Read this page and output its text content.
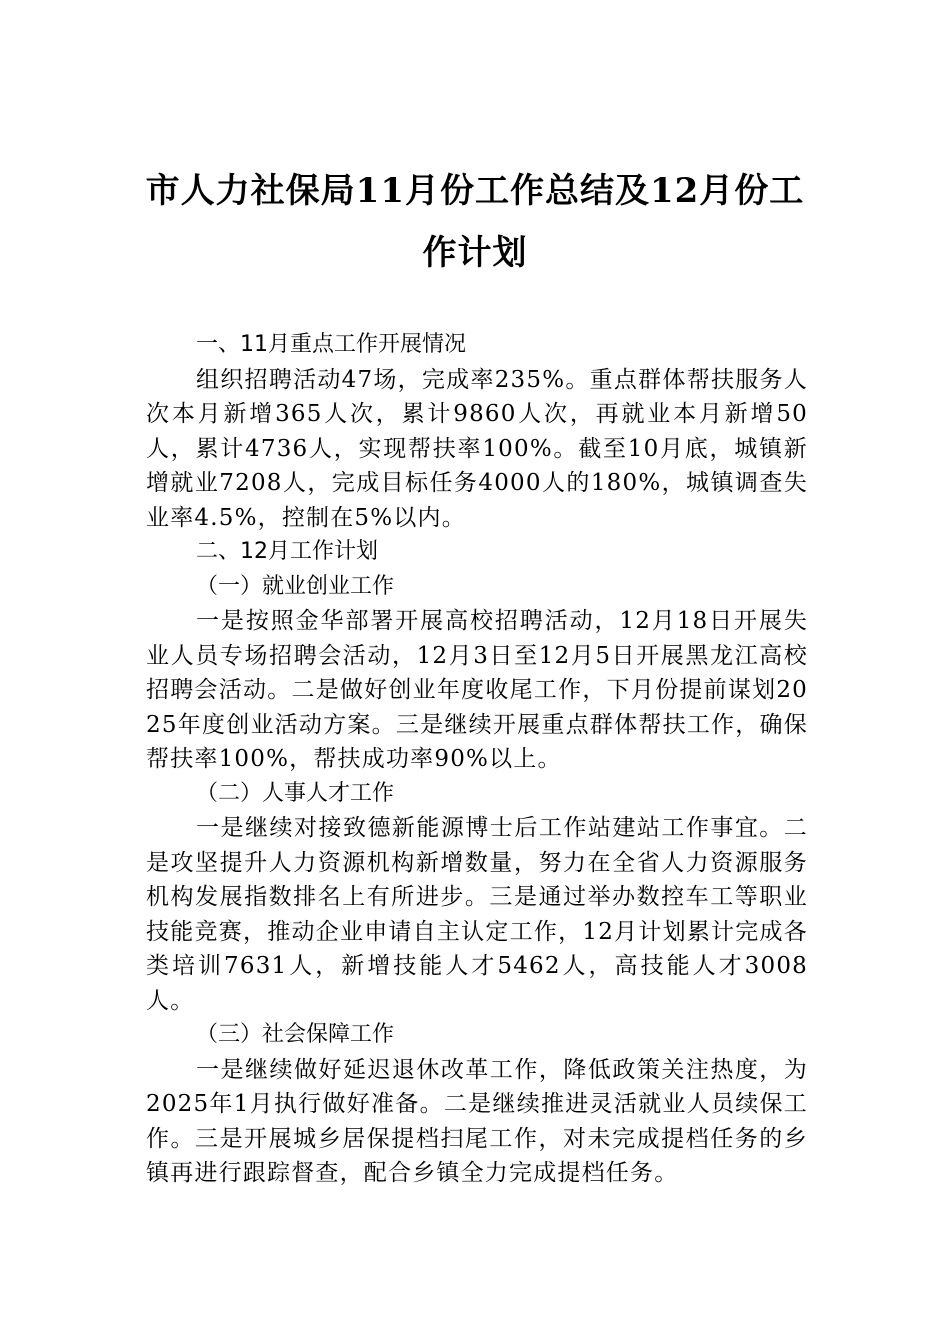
市人力社保局11月份工作总结及12月份工作计划

一、11月重点工作开展情况

组织招聘活动47场，完成率235%。重点群体帮扶服务人次本月新增365人次，累计9860人次，再就业本月新增50人，累计4736人，实现帮扶率100%。截至10月底，城镇新增就业7208人，完成目标任务4000人的180%，城镇调查失业率4.5%，控制在5%以内。

二、12月工作计划

（一）就业创业工作

一是按照金华部署开展高校招聘活动，12月18日开展失业人员专场招聘会活动，12月3日至12月5日开展黑龙江高校招聘会活动。二是做好创业年度收尾工作，下月份提前谋划2025年度创业活动方案。三是继续开展重点群体帮扶工作，确保帮扶率100%，帮扶成功率90%以上。

（二）人事人才工作

一是继续对接致德新能源博士后工作站建站工作事宜。二是攻坚提升人力资源机构新增数量，努力在全省人力资源服务机构发展指数排名上有所进步。三是通过举办数控车工等职业技能竞赛，推动企业申请自主认定工作，12月计划累计完成各类培训7631人，新增技能人才5462人，高技能人才3008人。

（三）社会保障工作

一是继续做好延迟退休改革工作，降低政策关注热度，为2025年1月执行做好准备。二是继续推进灵活就业人员续保工作。三是开展城乡居保提档扫尾工作，对未完成提档任务的乡镇再进行跟踪督查，配合乡镇全力完成提档任务。
